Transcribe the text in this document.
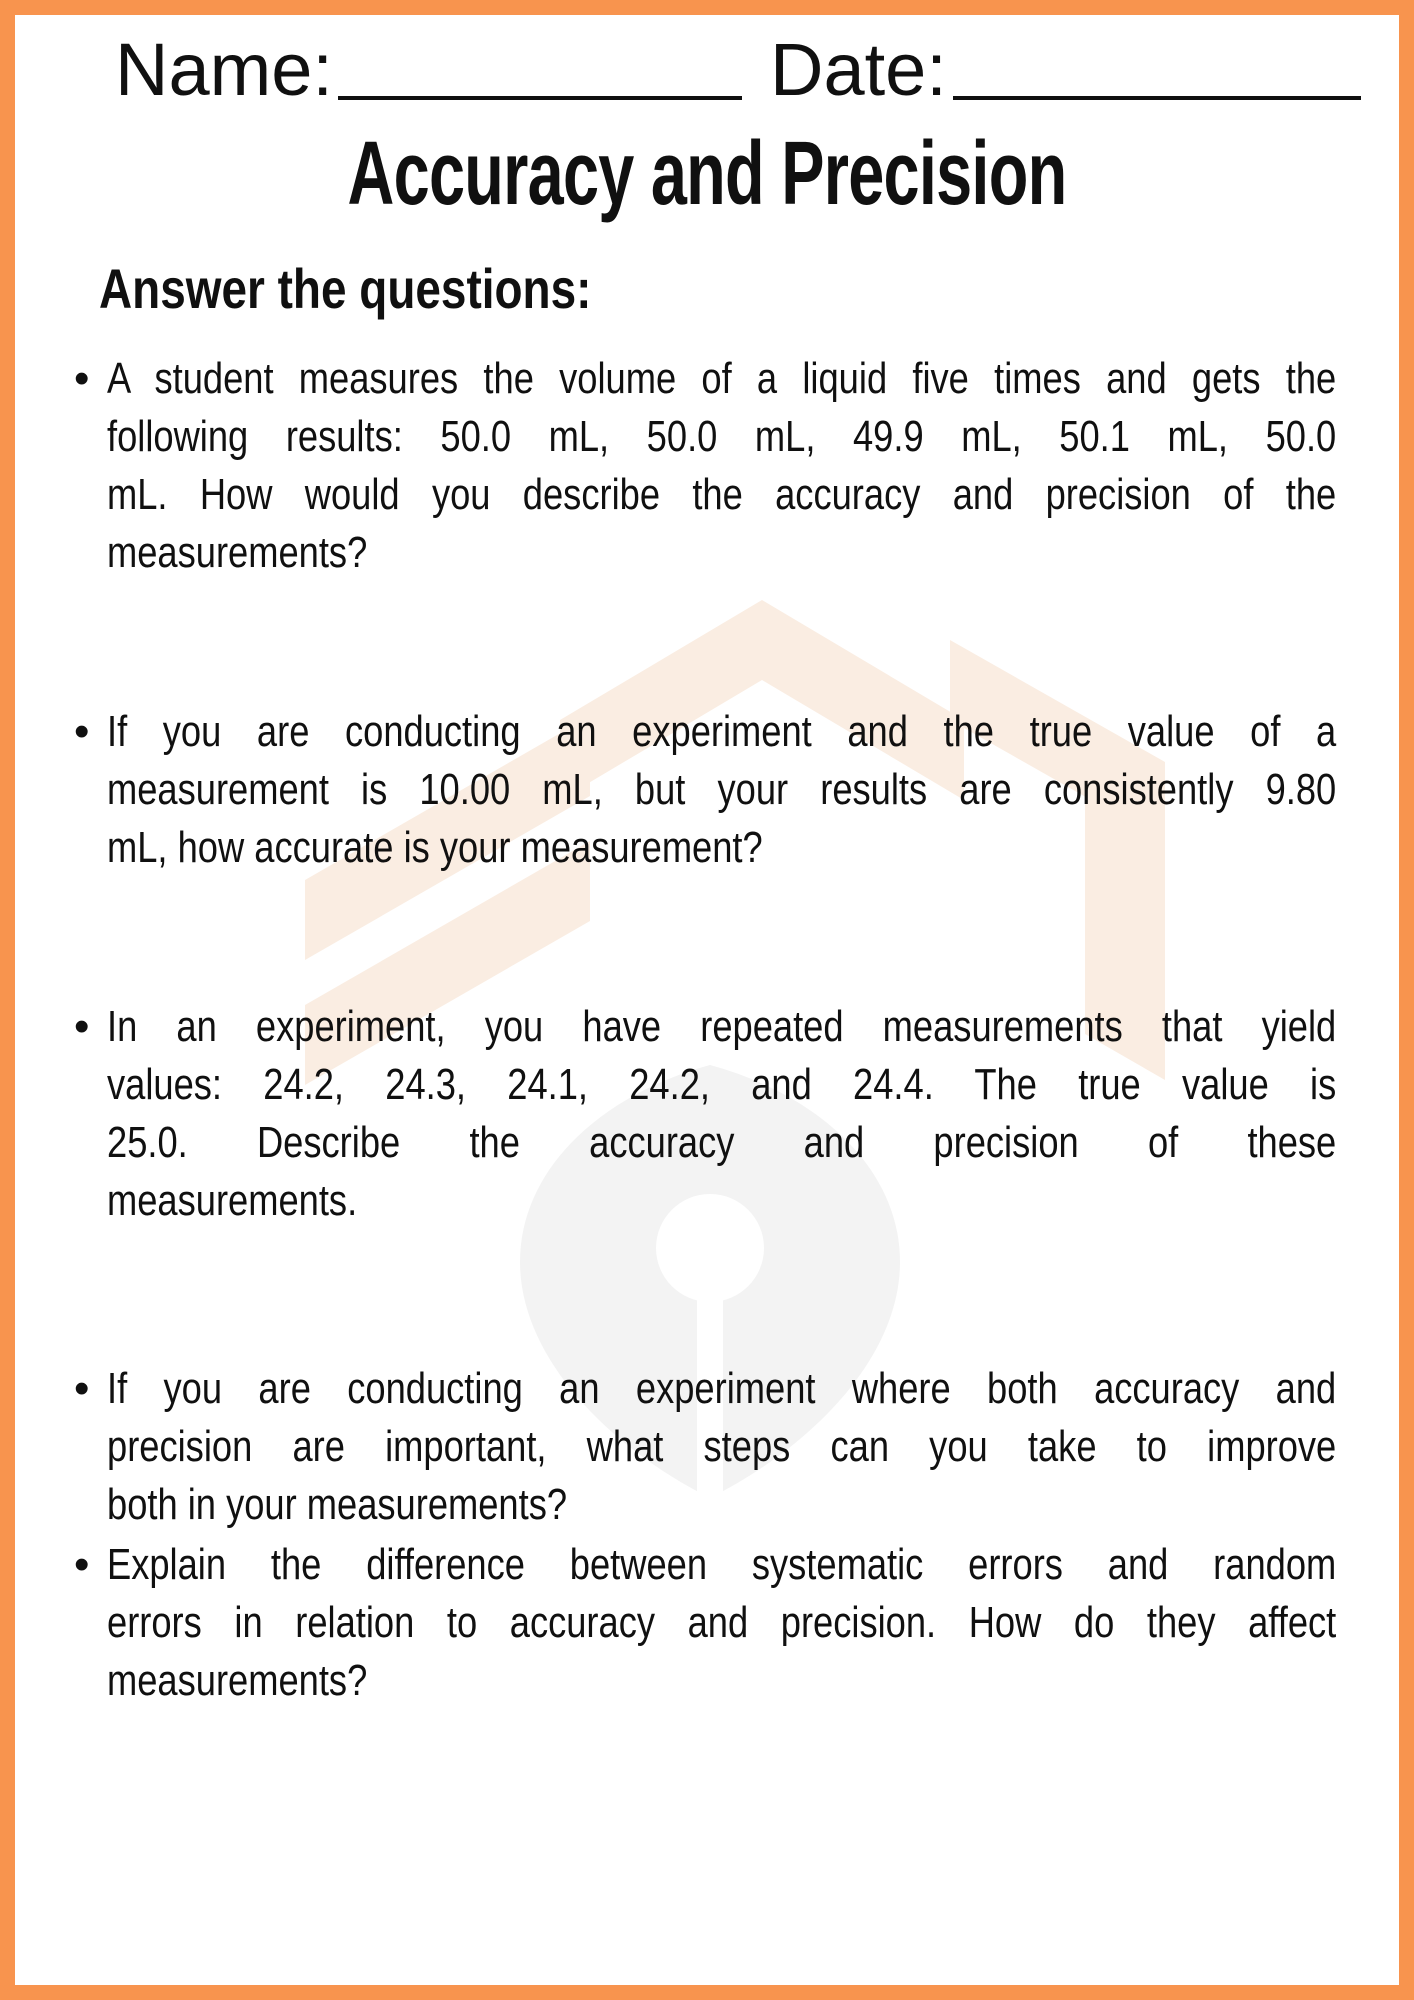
Name:	Date:
Accuracy and Precision
Answer the questions:
• A student measures the volume of a liquid five times and gets the
following results: 50.0 mL, 50.0 mL, 49.9 mL, 50.1 mL, 50.0
mL. How would you describe the accuracy and precision of the
measurements?
• If you are conducting an experiment and the true value of a
measurement is 10.00 mL, but your results are consistently 9.80
mL, how accurate is your measurement?
• In an experiment, you have repeated measurements that yield
values: 24.2, 24.3, 24.1, 24.2, and 24.4. The true value is
25.0. Describe the accuracy and precision of these
measurements.
• If you are conducting an experiment where both accuracy and
precision are important, what steps can you take to improve
both in your measurements?
• Explain the difference between systematic errors and random
errors in relation to accuracy and precision. How do they affect
measurements?
